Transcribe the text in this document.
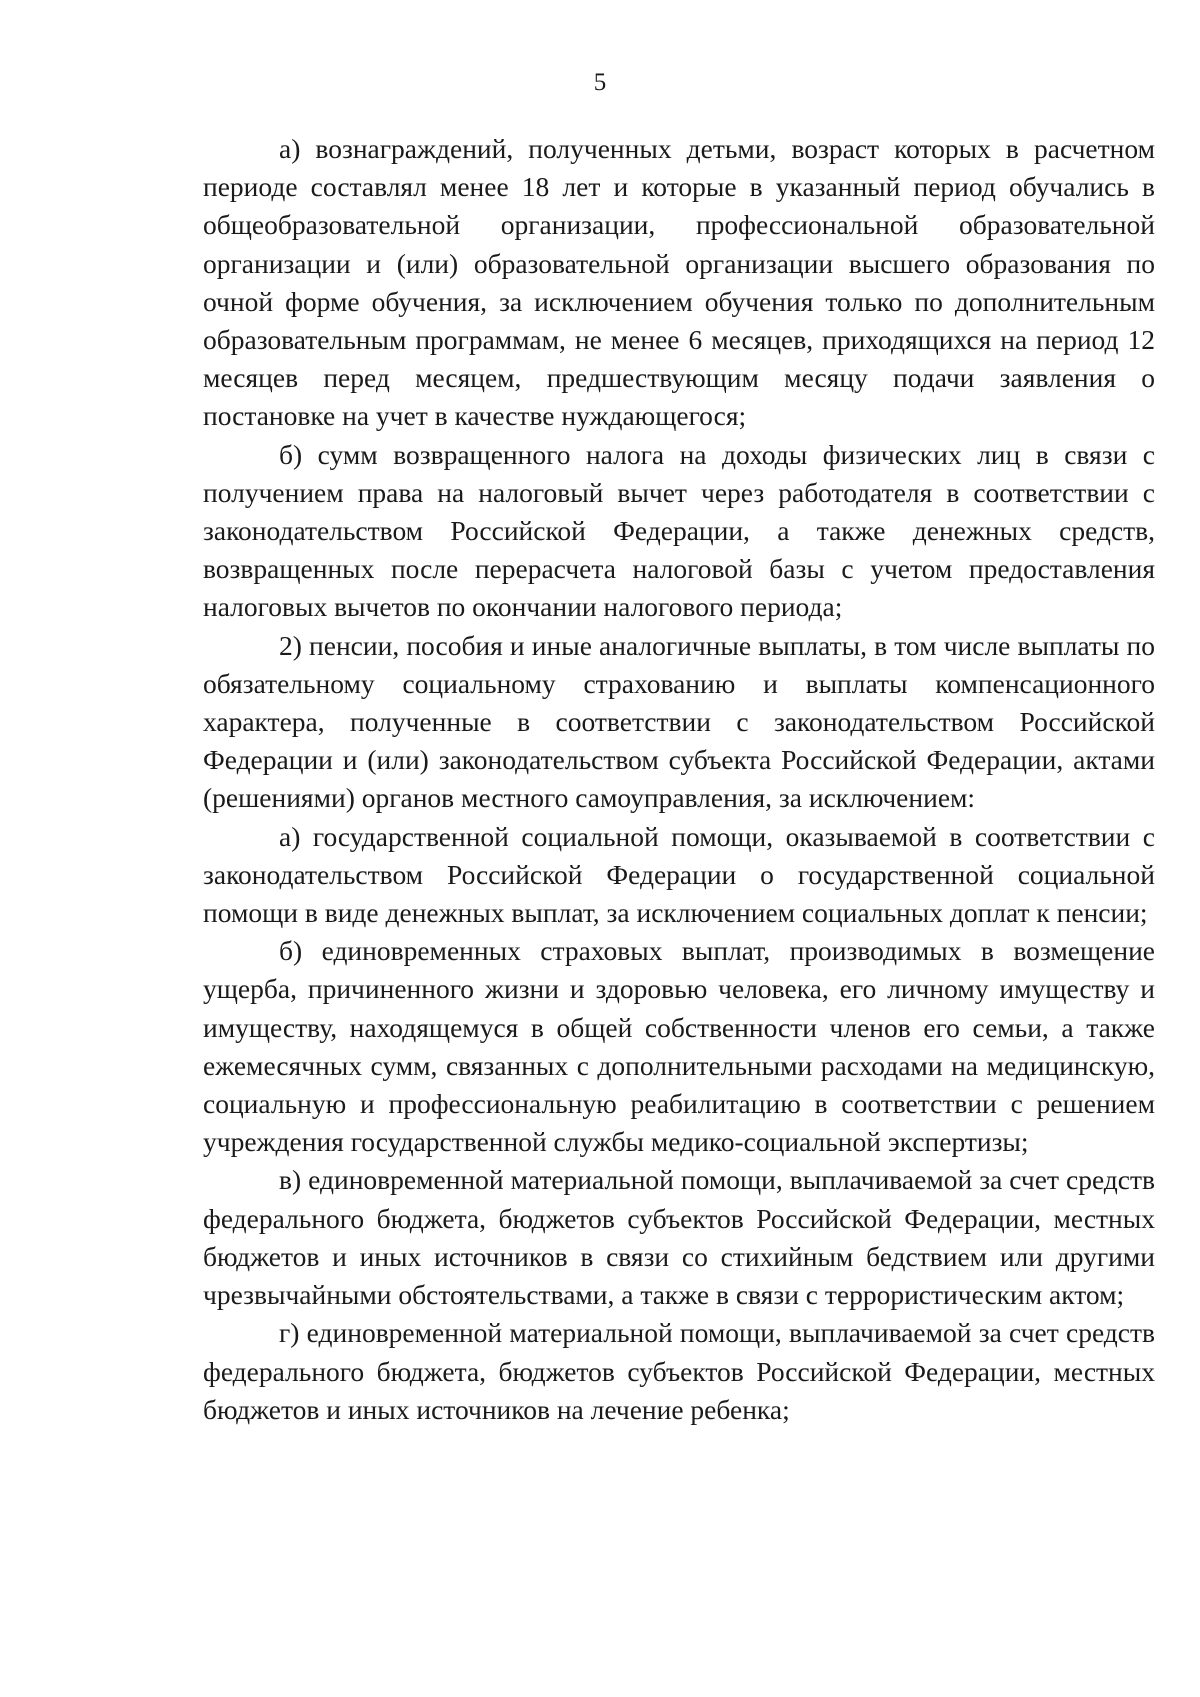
5

а) вознаграждений, полученных детьми, возраст которых в расчетном периоде составлял менее 18 лет и которые в указанный период обучались в общеобразовательной организации, профессиональной образовательной организации и (или) образовательной организации высшего образования по очной форме обучения, за исключением обучения только по дополнительным образовательным программам, не менее 6 месяцев, приходящихся на период 12 месяцев перед месяцем, предшествующим месяцу подачи заявления о постановке на учет в качестве нуждающегося;

б) сумм возвращенного налога на доходы физических лиц в связи с получением права на налоговый вычет через работодателя в соответствии с законодательством Российской Федерации, а также денежных средств, возвращенных после перерасчета налоговой базы с учетом предоставления налоговых вычетов по окончании налогового периода;

2) пенсии, пособия и иные аналогичные выплаты, в том числе выплаты по обязательному социальному страхованию и выплаты компенсационного характера, полученные в соответствии с законодательством Российской Федерации и (или) законодательством субъекта Российской Федерации, актами (решениями) органов местного самоуправления, за исключением:

а) государственной социальной помощи, оказываемой в соответствии с законодательством Российской Федерации о государственной социальной помощи в виде денежных выплат, за исключением социальных доплат к пенсии;

б) единовременных страховых выплат, производимых в возмещение ущерба, причиненного жизни и здоровью человека, его личному имуществу и имуществу, находящемуся в общей собственности членов его семьи, а также ежемесячных сумм, связанных с дополнительными расходами на медицинскую, социальную и профессиональную реабилитацию в соответствии с решением учреждения государственной службы медико-социальной экспертизы;

в) единовременной материальной помощи, выплачиваемой за счет средств федерального бюджета, бюджетов субъектов Российской Федерации, местных бюджетов и иных источников в связи со стихийным бедствием или другими чрезвычайными обстоятельствами, а также в связи с террористическим актом;

г) единовременной материальной помощи, выплачиваемой за счет средств федерального бюджета, бюджетов субъектов Российской Федерации, местных бюджетов и иных источников на лечение ребенка;
